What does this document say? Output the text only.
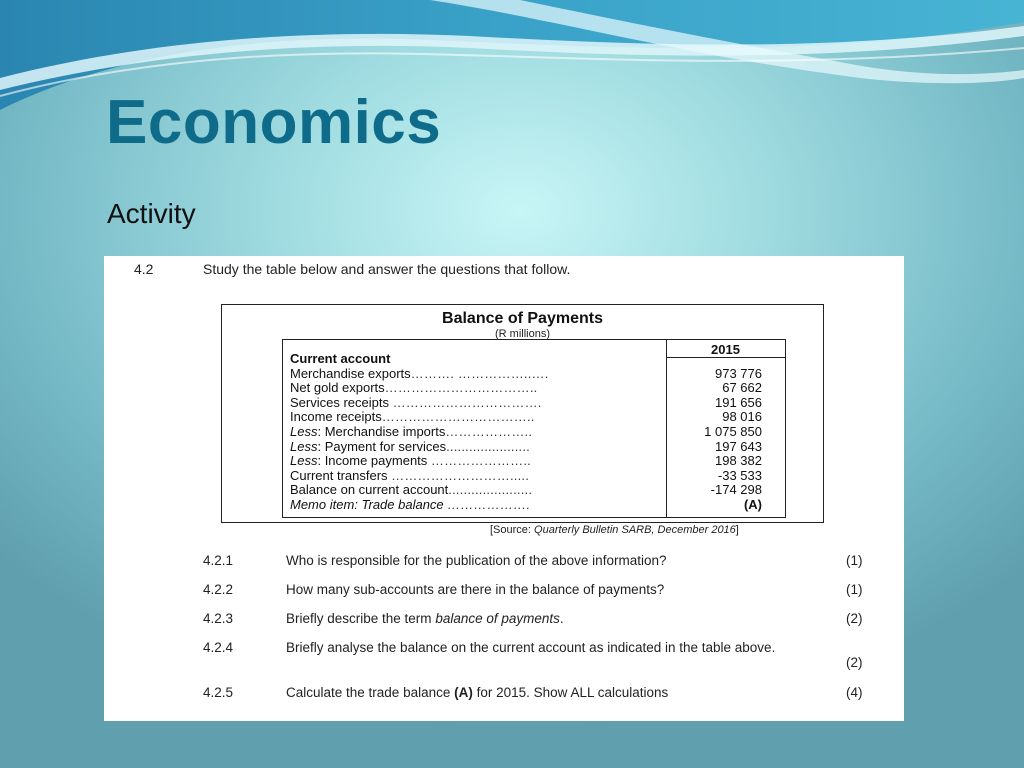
Economics

Activity

4.2	Study the table below and answer the questions that follow.
Balance of Payments
(R millions)
2015
Current account
Merchandise exports………. ……………..….	973 776
Net gold exports……………………………..	67 662
Services receipts …………………………….	191 656
Income receipts……………………………..	98 016
Less: Merchandise imports………………..	1 075 850
Less: Payment for services......................	197 643
Less: Income payments …………………..	198 382
Current transfers ……………………….....	-33 533
Balance on current account......................	-174 298
Memo item: Trade balance ……………….	(A)
[Source: Quarterly Bulletin SARB, December 2016]
4.2.1	Who is responsible for the publication of the above information?	(1)
4.2.2	How many sub-accounts are there in the balance of payments?	(1)
4.2.3	Briefly describe the term balance of payments.	(2)
4.2.4	Briefly analyse the balance on the current account as indicated in the table above.
(2)
4.2.5	Calculate the trade balance (A) for 2015. Show ALL calculations	(4)
